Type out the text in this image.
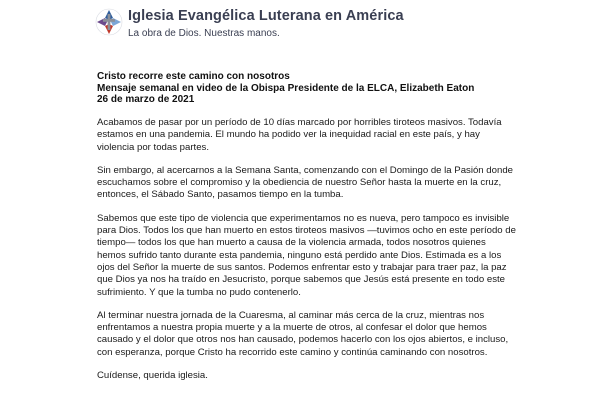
Iglesia Evangélica Luterana en América

La obra de Dios. Nuestras manos.

Cristo recorre este camino con nosotros

Mensaje semanal en video de la Obispa Presidente de la ELCA, Elizabeth Eaton

26 de marzo de 2021

Acabamos de pasar por un período de 10 días marcado por horribles tiroteos masivos. Todavía estamos en una pandemia. El mundo ha podido ver la inequidad racial en este país, y hay violencia por todas partes.

Sin embargo, al acercarnos a la Semana Santa, comenzando con el Domingo de la Pasión donde escuchamos sobre el compromiso y la obediencia de nuestro Señor hasta la muerte en la cruz, entonces, el Sábado Santo, pasamos tiempo en la tumba.

Sabemos que este tipo de violencia que experimentamos no es nueva, pero tampoco es invisible para Dios. Todos los que han muerto en estos tiroteos masivos —tuvimos ocho en este período de tiempo— todos los que han muerto a causa de la violencia armada, todos nosotros quienes hemos sufrido tanto durante esta pandemia, ninguno está perdido ante Dios. Estimada es a los ojos del Señor la muerte de sus santos. Podemos enfrentar esto y trabajar para traer paz, la paz que Dios ya nos ha traído en Jesucristo, porque sabemos que Jesús está presente en todo este sufrimiento. Y que la tumba no pudo contenerlo.

Al terminar nuestra jornada de la Cuaresma, al caminar más cerca de la cruz, mientras nos enfrentamos a nuestra propia muerte y a la muerte de otros, al confesar el dolor que hemos causado y el dolor que otros nos han causado, podemos hacerlo con los ojos abiertos, e incluso, con esperanza, porque Cristo ha recorrido este camino y continúa caminando con nosotros.

Cuídense, querida iglesia.
